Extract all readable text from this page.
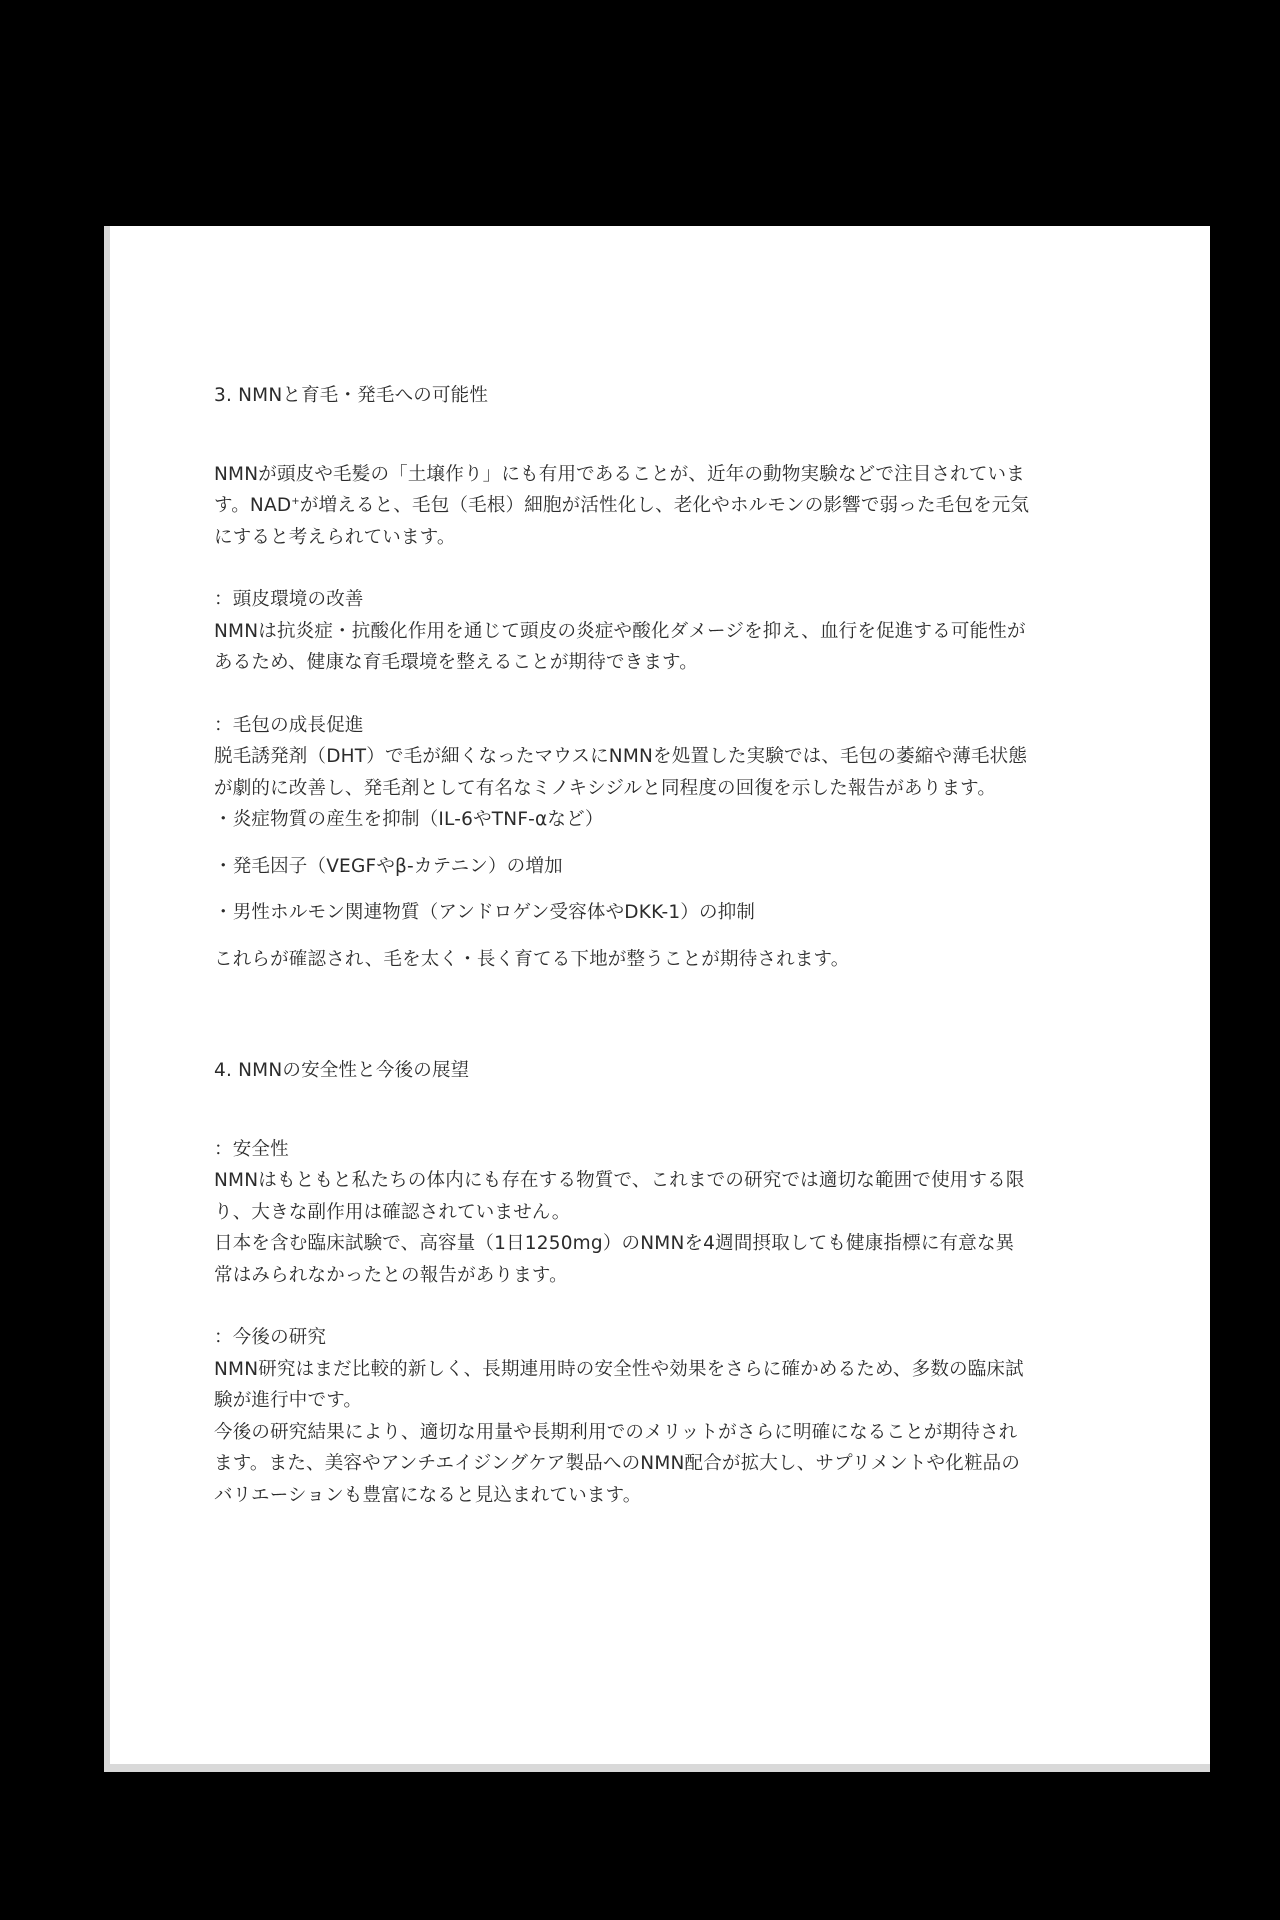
3. NMNと育毛・発毛への可能性
NMNが頭皮や毛髪の「土壌作り」にも有用であることが、近年の動物実験などで注目されていま
す。NAD+が増えると、毛包（毛根）細胞が活性化し、老化やホルモンの影響で弱った毛包を元気
にすると考えられています。
：頭皮環境の改善
NMNは抗炎症・抗酸化作用を通じて頭皮の炎症や酸化ダメージを抑え、血行を促進する可能性が
あるため、健康な育毛環境を整えることが期待できます。
：毛包の成長促進
脱毛誘発剤（DHT）で毛が細くなったマウスにNMNを処置した実験では、毛包の萎縮や薄毛状態
が劇的に改善し、発毛剤として有名なミノキシジルと同程度の回復を示した報告があります。
・炎症物質の産生を抑制（IL-6やTNF-αなど）
・発毛因子（VEGFやβ-カテニン）の増加
・男性ホルモン関連物質（アンドロゲン受容体やDKK-1）の抑制
これらが確認され、毛を太く・長く育てる下地が整うことが期待されます。
4. NMNの安全性と今後の展望
：安全性
NMNはもともと私たちの体内にも存在する物質で、これまでの研究では適切な範囲で使用する限
り、大きな副作用は確認されていません。
日本を含む臨床試験で、高容量（1日1250mg）のNMNを4週間摂取しても健康指標に有意な異
常はみられなかったとの報告があります。
：今後の研究
NMN研究はまだ比較的新しく、長期連用時の安全性や効果をさらに確かめるため、多数の臨床試
験が進行中です。
今後の研究結果により、適切な用量や長期利用でのメリットがさらに明確になることが期待され
ます。また、美容やアンチエイジングケア製品へのNMN配合が拡大し、サプリメントや化粧品の
バリエーションも豊富になると見込まれています。
